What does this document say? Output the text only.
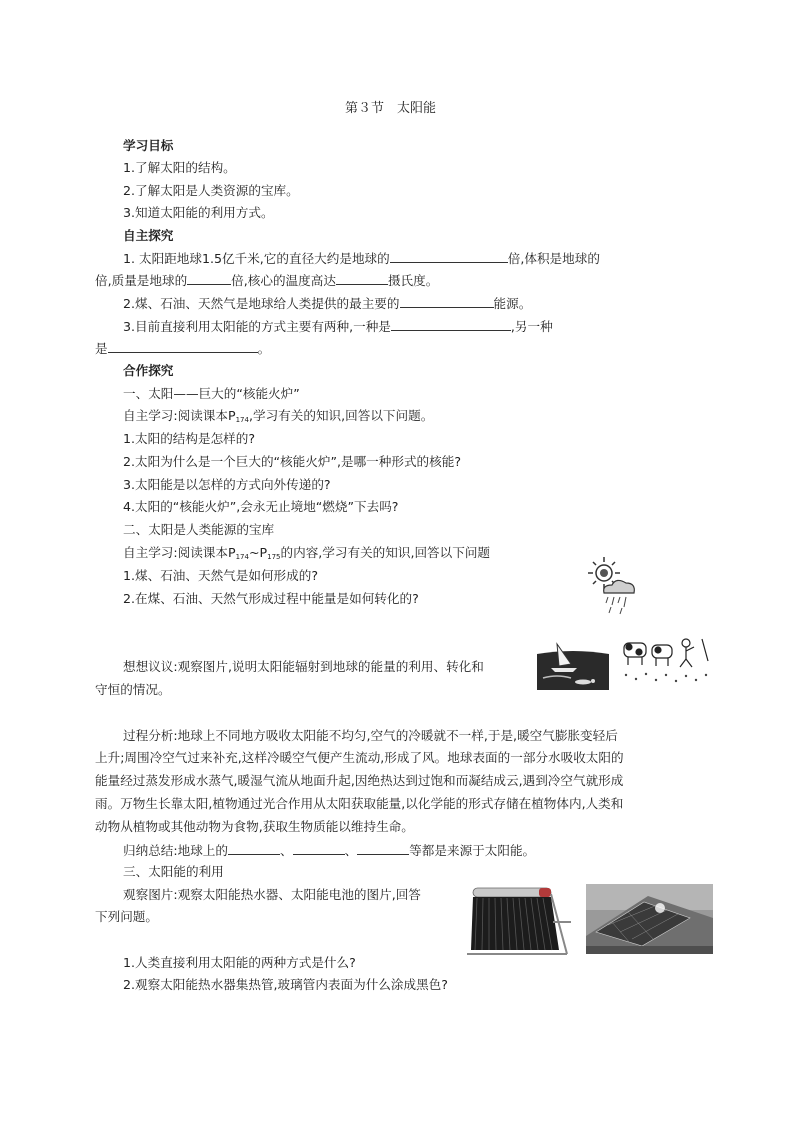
第３节　太阳能
学习目标
1.了解太阳的结构。
2.了解太阳是人类资源的宝库。
3.知道太阳能的利用方式。
自主探究
1. 太阳距地球1.5亿千米,它的直径大约是地球的	倍,体积是地球的
倍,质量是地球的	倍,核心的温度高达	摄氏度。
2.煤、石油、天然气是地球给人类提供的最主要的	能源。
3.目前直接利用太阳能的方式主要有两种,一种是	,另一种
是	。
合作探究
一、太阳——巨大的“核能火炉”
自主学习:阅读课本$P_{174}$,学习有关的知识,回答以下问题。
1.太阳的结构是怎样的?
2.太阳为什么是一个巨大的“核能火炉”,是哪一种形式的核能?
3.太阳能是以怎样的方式向外传递的?
4.太阳的“核能火炉”,会永无止境地“燃烧”下去吗?
二、太阳是人类能源的宝库
自主学习:阅读课本$P_{174}\sim P_{175}$的内容,学习有关的知识,回答以下问题
1.煤、石油、天然气是如何形成的?
2.在煤、石油、天然气形成过程中能量是如何转化的?
想想议议:观察图片,说明太阳能辐射到地球的能量的利用、转化和
守恒的情况。
过程分析:地球上不同地方吸收太阳能不均匀,空气的冷暖就不一样,于是,暖空气膨胀变轻后
上升;周围冷空气过来补充,这样冷暖空气便产生流动,形成了风。地球表面的一部分水吸收太阳的
能量经过蒸发形成水蒸气,暖湿气流从地面升起,因绝热达到过饱和而凝结成云,遇到冷空气就形成
雨。万物生长靠太阳,植物通过光合作用从太阳获取能量,以化学能的形式存储在植物体内,人类和
动物从植物或其他动物为食物,获取生物质能以维持生命。
归纳总结:地球上的	、	、	等都是来源于太阳能。
三、太阳能的利用
观察图片:观察太阳能热水器、太阳能电池的图片,回答
下列问题。
1.人类直接利用太阳能的两种方式是什么?
2.观察太阳能热水器集热管,玻璃管内表面为什么涂成黑色?
